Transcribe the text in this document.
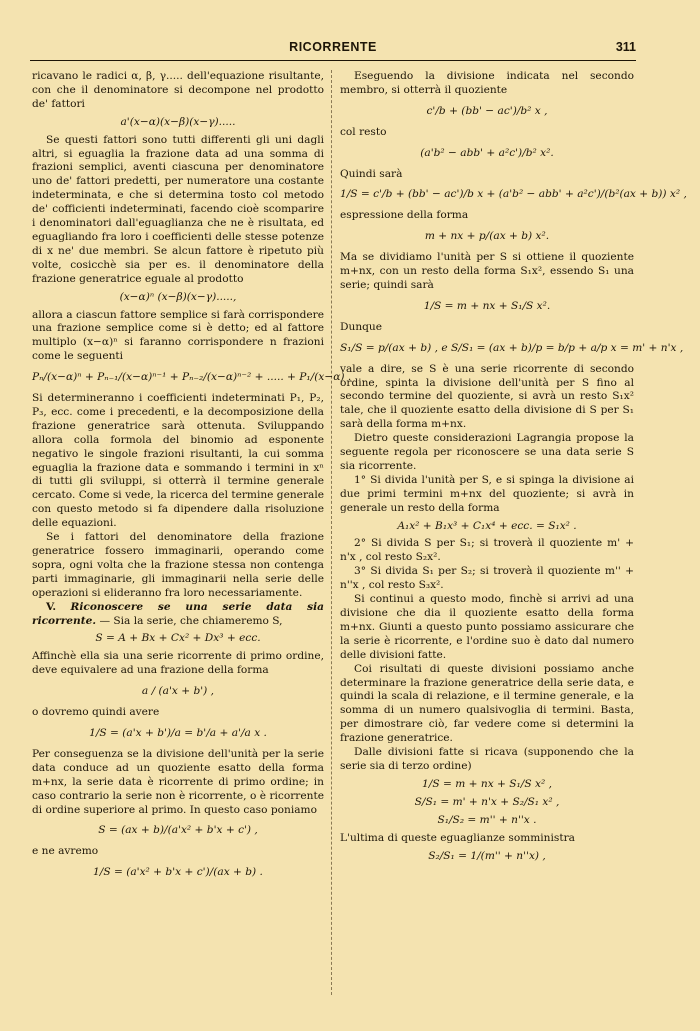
RICORRENTE	311

ricavano le radici α, β, γ..... dell'equazione risultante, con che il denominatore si decompone nel prodotto de' fattori

a'(x−α)(x−β)(x−γ).....

Se questi fattori sono tutti differenti gli uni dagli altri, si eguaglia la frazione data ad una somma di frazioni semplici, aventi ciascuna per denominatore uno de' fattori predetti, per numeratore una costante indeterminata, e che si determina tosto col metodo de' cofficienti indeterminati, facendo cioè scomparire i denominatori dall'eguaglianza che ne è risultata, ed eguagliando fra loro i coefficienti delle stesse potenze di x ne' due membri. Se alcun fattore è ripetuto più volte, cosicchè sia per es. il denominatore della frazione generatrice eguale al prodotto

(x−α)ⁿ (x−β)(x−γ).....,

allora a ciascun fattore semplice si farà corrispondere una frazione semplice come si è detto; ed al fattore multiplo (x−α)ⁿ si faranno corrispondere n frazioni come le seguenti

Pₙ/(x−α)ⁿ + Pₙ₋₁/(x−α)ⁿ⁻¹ + Pₙ₋₂/(x−α)ⁿ⁻² + ..... + P₁/(x−α) .

Si determineranno i coefficienti indeterminati P₁, P₂, P₃, ecc. come i precedenti, e la decomposizione della frazione generatrice sarà ottenuta. Sviluppando allora colla formola del binomio ad esponente negativo le singole frazioni risultanti, la cui somma eguaglia la frazione data e sommando i termini in xⁿ di tutti gli sviluppi, si otterrà il termine generale cercato. Come si vede, la ricerca del termine generale con questo metodo si fa dipendere dalla risoluzione delle equazioni.

Se i fattori del denominatore della frazione generatrice fossero immaginarii, operando come sopra, ogni volta che la frazione stessa non contenga parti immaginarie, gli immaginarii nella serie delle operazioni si elideranno fra loro necessariamente.

V. Riconoscere se una serie data sia ricorrente. — Sia la serie, che chiameremo S,

S = A + Bx + Cx² + Dx³ + ecc.

Affinchè ella sia una serie ricorrente di primo ordine, deve equivalere ad una frazione della forma

a / (a'x + b') ,

o dovremo quindi avere

1/S = (a'x + b')/a = b'/a + a'/a x .

Per conseguenza se la divisione dell'unità per la serie data conduce ad un quoziente esatto della forma m+nx, la serie data è ricorrente di primo ordine; in caso contrario la serie non è ricorrente, o è ricorrente di ordine superiore al primo. In questo caso poniamo

S = (ax + b)/(a'x² + b'x + c') ,

e ne avremo

1/S = (a'x² + b'x + c')/(ax + b) .

Eseguendo la divisione indicata nel secondo membro, si otterrà il quoziente

c'/b + (bb' − ac')/b² x ,

col resto

(a'b² − abb' + a²c')/b² x².

Quindi sarà

1/S = c'/b + (bb' − ac')/b x + (a'b² − abb' + a²c')/(b²(ax + b)) x² ,

espressione della forma

m + nx + p/(ax + b) x².

Ma se dividiamo l'unità per S si ottiene il quoziente m+nx, con un resto della forma S₁x², essendo S₁ una serie; quindi sarà

1/S = m + nx + S₁/S x².

Dunque

S₁/S = p/(ax + b) , e S/S₁ = (ax + b)/p = b/p + a/p x = m' + n'x ,

vale a dire, se S è una serie ricorrente di secondo ordine, spinta la divisione dell'unità per S fino al secondo termine del quoziente, si avrà un resto S₁x² tale, che il quoziente esatto della divisione di S per S₁ sarà della forma m+nx.

Dietro queste considerazioni Lagrangia propose la seguente regola per riconoscere se una data serie S sia ricorrente.

1° Si divida l'unità per S, e si spinga la divisione ai due primi termini m+nx del quoziente; si avrà in generale un resto della forma

A₁x² + B₁x³ + C₁x⁴ + ecc. = S₁x² .

2° Si divida S per S₁; si troverà il quoziente m' + n'x , col resto S₂x².

3° Si divida S₁ per S₂; si troverà il quoziente m'' + n''x , col resto S₃x².

Si continui a questo modo, finchè si arrivi ad una divisione che dia il quoziente esatto della forma m+nx. Giunti a questo punto possiamo assicurare che la serie è ricorrente, e l'ordine suo è dato dal numero delle divisioni fatte.

Coi risultati di queste divisioni possiamo anche determinare la frazione generatrice della serie data, e quindi la scala di relazione, e il termine generale, e la somma di un numero qualsivoglia di termini. Basta, per dimostrare ciò, far vedere come si determini la frazione generatrice.

Dalle divisioni fatte si ricava (supponendo che la serie sia di terzo ordine)

1/S = m + nx + S₁/S x² ,
S/S₁ = m' + n'x + S₂/S₁ x² ,
S₁/S₂ = m'' + n''x .

L'ultima di queste eguaglianze somministra

S₂/S₁ = 1/(m'' + n''x) ,
